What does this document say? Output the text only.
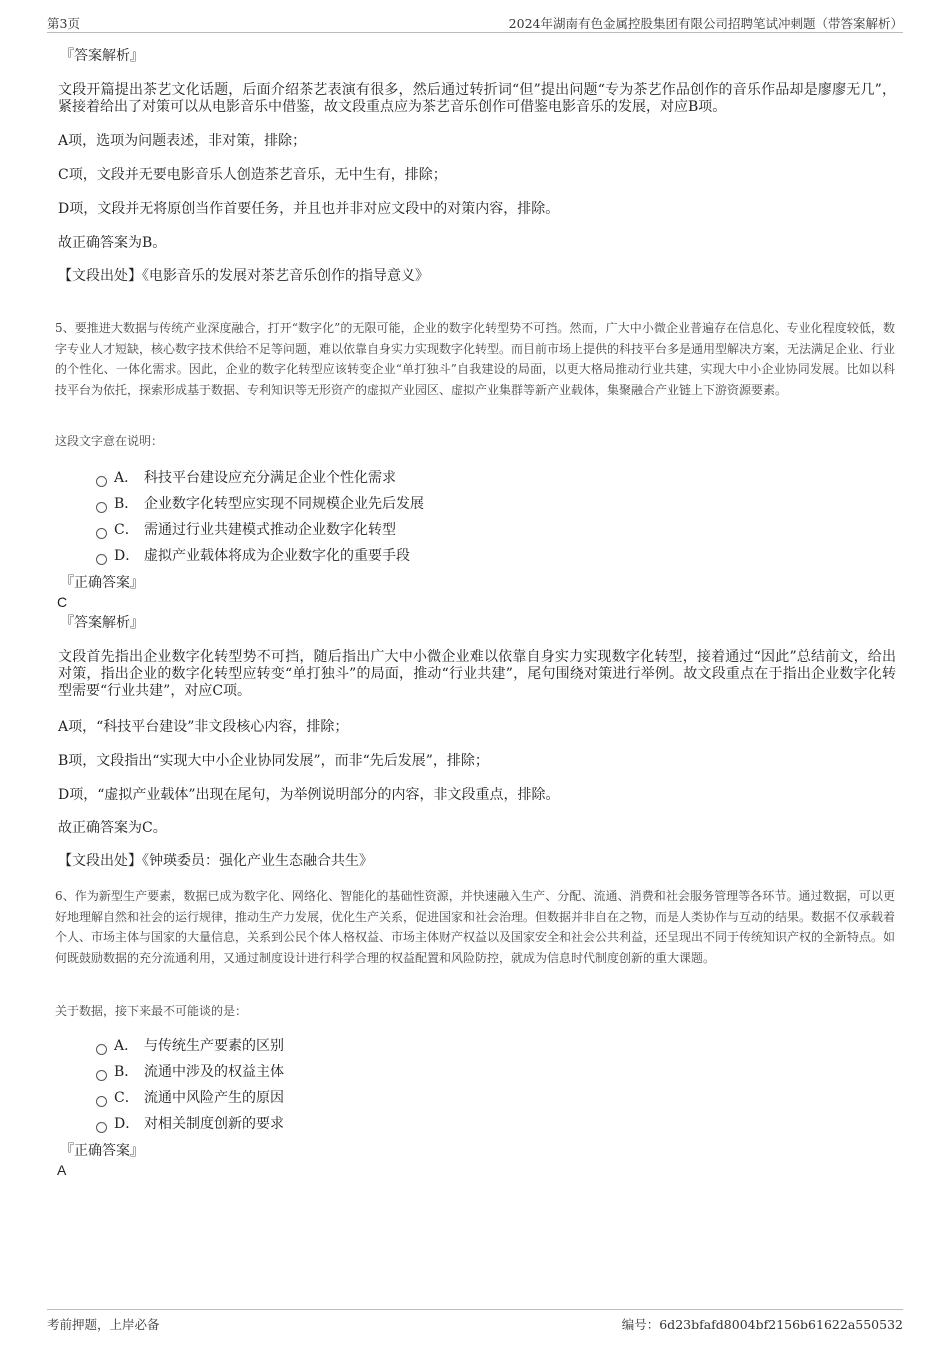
第3页	2024年湖南有色金属控股集团有限公司招聘笔试冲刺题（带答案解析）
『答案解析』
文段开篇提出茶艺文化话题，后面介绍茶艺表演有很多，然后通过转折词“但”提出问题“专为茶艺作品创作的音乐作品却是廖廖无几”，紧接着给出了对策可以从电影音乐中借鉴，故文段重点应为茶艺音乐创作可借鉴电影音乐的发展，对应B项。
A项，选项为问题表述，非对策，排除；
C项，文段并无要电影音乐人创造茶艺音乐，无中生有，排除；
D项，文段并无将原创当作首要任务，并且也并非对应文段中的对策内容，排除。
故正确答案为B。
【文段出处】《电影音乐的发展对茶艺音乐创作的指导意义》
5、要推进大数据与传统产业深度融合，打开“数字化”的无限可能，企业的数字化转型势不可挡。然而，广大中小微企业普遍存在信息化、专业化程度较低，数字专业人才短缺，核心数字技术供给不足等问题，难以依靠自身实力实现数字化转型。而目前市场上提供的科技平台多是通用型解决方案，无法满足企业、行业的个性化、一体化需求。因此，企业的数字化转型应该转变企业“单打独斗”自我建设的局面，以更大格局推动行业共建，实现大中小企业协同发展。比如以科技平台为依托，探索形成基于数据、专利知识等无形资产的虚拟产业园区、虚拟产业集群等新产业载体，集聚融合产业链上下游资源要素。
这段文字意在说明：
A． 科技平台建设应充分满足企业个性化需求
B． 企业数字化转型应实现不同规模企业先后发展
C． 需通过行业共建模式推动企业数字化转型
D． 虚拟产业载体将成为企业数字化的重要手段
『正确答案』
C
『答案解析』
文段首先指出企业数字化转型势不可挡，随后指出广大中小微企业难以依靠自身实力实现数字化转型，接着通过“因此”总结前文，给出对策，指出企业的数字化转型应转变“单打独斗”的局面，推动“行业共建”，尾句围绕对策进行举例。故文段重点在于指出企业数字化转型需要“行业共建”，对应C项。
A项，“科技平台建设”非文段核心内容，排除；
B项，文段指出“实现大中小企业协同发展”，而非“先后发展”，排除；
D项，“虚拟产业载体”出现在尾句，为举例说明部分的内容，非文段重点，排除。
故正确答案为C。
【文段出处】《钟瑛委员：强化产业生态融合共生》
6、作为新型生产要素，数据已成为数字化、网络化、智能化的基础性资源，并快速融入生产、分配、流通、消费和社会服务管理等各环节。通过数据，可以更好地理解自然和社会的运行规律，推动生产力发展，优化生产关系，促进国家和社会治理。但数据并非自在之物，而是人类协作与互动的结果。数据不仅承载着个人、市场主体与国家的大量信息，关系到公民个体人格权益、市场主体财产权益以及国家安全和社会公共利益，还呈现出不同于传统知识产权的全新特点。如何既鼓励数据的充分流通利用，又通过制度设计进行科学合理的权益配置和风险防控，就成为信息时代制度创新的重大课题。
关于数据，接下来最不可能谈的是：
A． 与传统生产要素的区别
B． 流通中涉及的权益主体
C． 流通中风险产生的原因
D． 对相关制度创新的要求
『正确答案』
A
考前押题，上岸必备	编号：6d23bfafd8004bf2156b61622a550532
